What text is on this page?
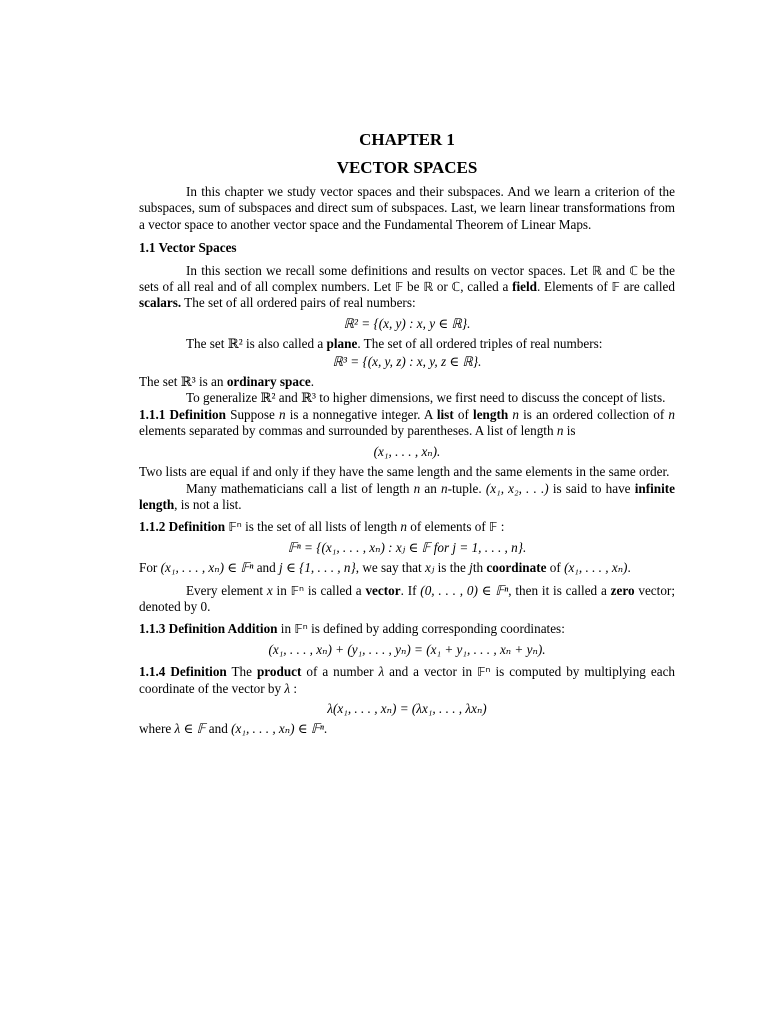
CHAPTER 1

VECTOR SPACES

In this chapter we study vector spaces and their subspaces. And we learn a criterion of the subspaces, sum of subspaces and direct sum of subspaces. Last, we learn linear transformations from a vector space to another vector space and the Fundamental Theorem of Linear Maps.

1.1 Vector Spaces

In this section we recall some definitions and results on vector spaces. Let ℝ and ℂ be the sets of all real and of all complex numbers. Let 𝔽 be ℝ or ℂ, called a field. Elements of 𝔽 are called scalars. The set of all ordered pairs of real numbers:

ℝ² = {(x, y) : x, y ∈ ℝ}.

The set ℝ² is also called a plane. The set of all ordered triples of real numbers:

ℝ³ = {(x, y, z) : x, y, z ∈ ℝ}.

The set ℝ³ is an ordinary space.

To generalize ℝ² and ℝ³ to higher dimensions, we first need to discuss the concept of lists.

1.1.1 Definition Suppose n is a nonnegative integer. A list of length n is an ordered collection of n elements separated by commas and surrounded by parentheses. A list of length n is

(x₁, . . . , xₙ).

Two lists are equal if and only if they have the same length and the same elements in the same order.

Many mathematicians call a list of length n an n-tuple. (x₁, x₂, . . .) is said to have infinite length, is not a list.

1.1.2 Definition 𝔽ⁿ is the set of all lists of length n of elements of 𝔽 :

𝔽ⁿ = {(x₁, . . . , xₙ) : xⱼ ∈ 𝔽 for j = 1, . . . , n}.

For (x₁, . . . , xₙ) ∈ 𝔽ⁿ and j ∈ {1, . . . , n}, we say that xⱼ is the jth coordinate of (x₁, . . . , xₙ).

Every element x in 𝔽ⁿ is called a vector. If (0, . . . , 0) ∈ 𝔽ⁿ, then it is called a zero vector; denoted by 0.

1.1.3 Definition Addition in 𝔽ⁿ is defined by adding corresponding coordinates:

(x₁, . . . , xₙ) + (y₁, . . . , yₙ) = (x₁ + y₁, . . . , xₙ + yₙ).

1.1.4 Definition The product of a number λ and a vector in 𝔽ⁿ is computed by multiplying each coordinate of the vector by λ :

λ(x₁, . . . , xₙ) = (λx₁, . . . , λxₙ)

where λ ∈ 𝔽 and (x₁, . . . , xₙ) ∈ 𝔽ⁿ.
